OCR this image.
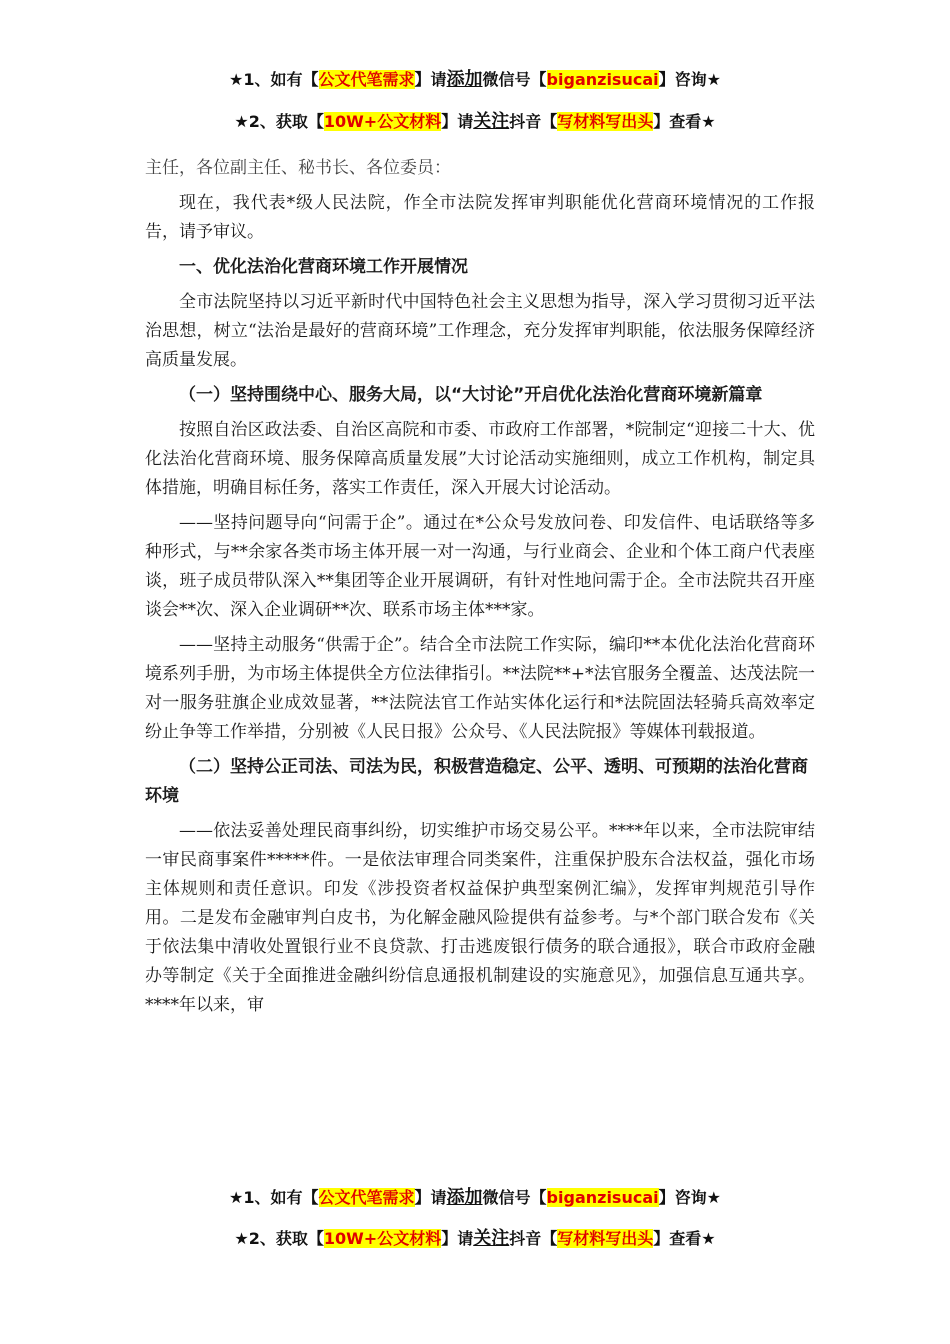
★1、如有【公文代笔需求】请添加微信号【biganzisucai】咨询★
★2、获取【10W+公文材料】请关注抖音【写材料写出头】查看★

主任，各位副主任、秘书长、各位委员：

现在，我代表*级人民法院，作全市法院发挥审判职能优化营商环境情况的工作报告，请予审议。

一、优化法治化营商环境工作开展情况

全市法院坚持以习近平新时代中国特色社会主义思想为指导，深入学习贯彻习近平法治思想，树立“法治是最好的营商环境”工作理念，充分发挥审判职能，依法服务保障经济高质量发展。

（一）坚持围绕中心、服务大局，以“大讨论”开启优化法治化营商环境新篇章

按照自治区政法委、自治区高院和市委、市政府工作部署，*院制定“迎接二十大、优化法治化营商环境、服务保障高质量发展”大讨论活动实施细则，成立工作机构，制定具体措施，明确目标任务，落实工作责任，深入开展大讨论活动。

——坚持问题导向“问需于企”。通过在*公众号发放问卷、印发信件、电话联络等多种形式，与**余家各类市场主体开展一对一沟通，与行业商会、企业和个体工商户代表座谈，班子成员带队深入**集团等企业开展调研，有针对性地问需于企。全市法院共召开座谈会**次、深入企业调研**次、联系市场主体***家。

——坚持主动服务“供需于企”。结合全市法院工作实际，编印**本优化法治化营商环境系列手册，为市场主体提供全方位法律指引。**法院**+*法官服务全覆盖、达茂法院一对一服务驻旗企业成效显著，**法院法官工作站实体化运行和*法院固法轻骑兵高效率定纷止争等工作举措，分别被《人民日报》公众号、《人民法院报》等媒体刊载报道。

（二）坚持公正司法、司法为民，积极营造稳定、公平、透明、可预期的法治化营商环境

——依法妥善处理民商事纠纷，切实维护市场交易公平。****年以来，全市法院审结一审民商事案件*****件。一是依法审理合同类案件，注重保护股东合法权益，强化市场主体规则和责任意识。印发《涉投资者权益保护典型案例汇编》，发挥审判规范引导作用。二是发布金融审判白皮书，为化解金融风险提供有益参考。与*个部门联合发布《关于依法集中清收处置银行业不良贷款、打击逃废银行债务的联合通报》，联合市政府金融办等制定《关于全面推进金融纠纷信息通报机制建设的实施意见》，加强信息互通共享。****年以来，审

★1、如有【公文代笔需求】请添加微信号【biganzisucai】咨询★
★2、获取【10W+公文材料】请关注抖音【写材料写出头】查看★
